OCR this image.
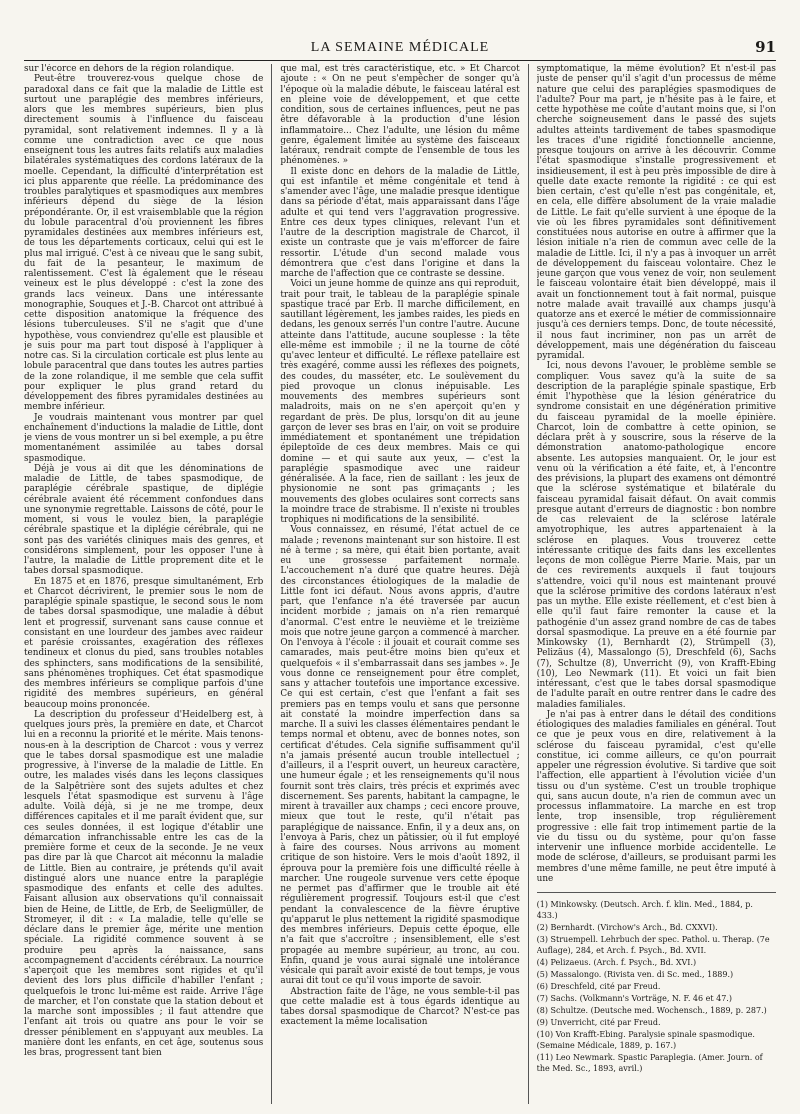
LA SEMAINE MÉDICALE	91

sur l'écorce en dehors de la région rolandique.

Peut-être trouverez-vous quelque chose de paradoxal dans ce fait que la maladie de Little est surtout une paraplégie des membres inférieurs, alors que les membres supérieurs, bien plus directement soumis à l'influence du faisceau pyramidal, sont relativement indemnes. Il y a là comme une contradiction avec ce que nous enseignent tous les autres faits relatifs aux maladies bilatérales systématiques des cordons latéraux de la moelle. Cependant, la difficulté d'interprétation est ici plus apparente que réelle. La prédominance des troubles paralytiques et spasmodiques aux membres inférieurs dépend du siège de la lésion prépondérante. Or, il est vraisemblable que la région du lobule paracentral d'où proviennent les fibres pyramidales destinées aux membres inférieurs est, de tous les départements corticaux, celui qui est le plus mal irrigué. C'est à ce niveau que le sang subit, du fait de la pesanteur, le maximum de ralentissement. C'est là également que le réseau veineux est le plus développé : c'est la zone des grands lacs veineux. Dans une intéressante monographie, Souques et J.-B. Charcot ont attribué à cette disposition anatomique la fréquence des lésions tuberculeuses. S'il ne s'agit que d'une hypothèse, vous conviendrez qu'elle est plausible et je suis pour ma part tout disposé à l'appliquer à notre cas. Si la circulation corticale est plus lente au lobule paracentral que dans toutes les autres parties de la zone rolandique, il me semble que cela suffit pour expliquer le plus grand retard du développement des fibres pyramidales destinées au membre inférieur.

Je voudrais maintenant vous montrer par quel enchaînement d'inductions la maladie de Little, dont je viens de vous montrer un si bel exemple, a pu être momentanément assimilée au tabes dorsal spasmodique.

Déjà je vous ai dit que les dénominations de maladie de Little, de tabes spasmodique, de paraplégie cérébrale spastique, de diplégie cérébrale avaient été récemment confondues dans une synonymie regrettable. Laissons de côté, pour le moment, si vous le voulez bien, la paraplégie cérébrale spastique et la diplégie cérébrale, qui ne sont pas des variétés cliniques mais des genres, et considérons simplement, pour les opposer l'une à l'autre, la maladie de Little proprement dite et le tabes dorsal spasmodique.

En 1875 et en 1876, presque simultanément, Erb et Charcot décrivirent, le premier sous le nom de paraplégie spinale spastique, le second sous le nom de tabes dorsal spasmodique, une maladie à début lent et progressif, survenant sans cause connue et consistant en une lourdeur des jambes avec raideur et parésie croissantes, exagération des réflexes tendineux et clonus du pied, sans troubles notables des sphincters, sans modifications de la sensibilité, sans phénomènes trophiques. Cet état spasmodique des membres inférieurs se complique parfois d'une rigidité des membres supérieurs, en général beaucoup moins prononcée.

La description du professeur d'Heidelberg est, à quelques jours près, la première en date, et Charcot lui en a reconnu la priorité et le mérite. Mais tenons-nous-en à la description de Charcot : vous y verrez que le tabes dorsal spasmodique est une maladie progressive, à l'inverse de la maladie de Little. En outre, les malades visés dans les leçons classiques de la Salpêtrière sont des sujets adultes et chez lesquels l'état spasmodique est survenu à l'âge adulte. Voilà déjà, si je ne me trompe, deux différences capitales et il me paraît évident que, sur ces seules données, il est logique d'établir une démarcation infranchissable entre les cas de la première forme et ceux de la seconde. Je ne veux pas dire par là que Charcot ait méconnu la maladie de Little. Bien au contraire, je prétends qu'il avait distingué alors une nuance entre la paraplégie spasmodique des enfants et celle des adultes. Faisant allusion aux observations qu'il connaissait bien de Heine, de Little, de Erb, de Seeligmüller, de Stromeyer, il dit : « La maladie, telle qu'elle se déclare dans le premier âge, mérite une mention spéciale. La rigidité commence souvent à se produire peu après la naissance, sans accompagnement d'accidents cérébraux. La nourrice s'aperçoit que les membres sont rigides et qu'il devient des lors plus difficile d'habiller l'enfant ; quelquefois le tronc lui-même est raide. Arrive l'âge de marcher, et l'on constate que la station debout et la marche sont impossibles ; il faut attendre que l'enfant ait trois ou quatre ans pour le voir se dresser péniblement en s'appuyant aux meubles. La manière dont les enfants, en cet âge, soutenus sous les bras, progressent tant bien

que mal, est très caractéristique, etc. » Et Charcot ajoute : « On ne peut s'empêcher de songer qu'à l'époque où la maladie débute, le faisceau latéral est en pleine voie de développement, et que cette condition, sous de certaines influences, peut ne pas être défavorable à la production d'une lésion inflammatoire... Chez l'adulte, une lésion du même genre, également limitée au système des faisceaux latéraux, rendrait compte de l'ensemble de tous les phénomènes. »

Il existe donc en dehors de la maladie de Little, qui est infantile et même congénitale et tend à s'amender avec l'âge, une maladie presque identique dans sa période d'état, mais apparaissant dans l'âge adulte et qui tend vers l'aggravation progressive. Entre ces deux types cliniques, relevant l'un et l'autre de la description magistrale de Charcot, il existe un contraste que je vais m'efforcer de faire ressortir. L'étude d'un second malade vous démontrera que c'est dans l'origine et dans la marche de l'affection que ce contraste se dessine.

Voici un jeune homme de quinze ans qui reproduit, trait pour trait, le tableau de la paraplégie spinale spastique tracé par Erb. Il marche difficilement, en sautillant légèrement, les jambes raides, les pieds en dedans, les genoux serrés l'un contre l'autre. Aucune atteinte dans l'attitude, aucune souplesse : la tête elle-même est immobile ; il ne la tourne de côté qu'avec lenteur et difficulté. Le réflexe patellaire est très exagéré, comme aussi les réflexes des poignets, des coudes, du masséter, etc. Le soulèvement du pied provoque un clonus inépuisable. Les mouvements des membres supérieurs sont maladroits, mais on ne s'en aperçoit qu'en y regardant de près. De plus, lorsqu'on dit au jeune garçon de lever ses bras en l'air, on voit se produire immédiatement et spontanément une trépidation épileptoïde de ces deux membres. Mais ce qui domine — et qui saute aux yeux, — c'est la paraplégie spasmodique avec une raideur généralisée. A la face, rien de saillant : les jeux de physionomie ne sont pas grimaçants ; les mouvements des globes oculaires sont corrects sans la moindre trace de strabisme. Il n'existe ni troubles trophiques ni modifications de la sensibilité.

Vous connaissez, en résumé, l'état actuel de ce malade ; revenons maintenant sur son histoire. Il est né à terme ; sa mère, qui était bien portante, avait eu une grossesse parfaitement normale. L'accouchement n'a duré que quatre heures. Déjà des circonstances étiologiques de la maladie de Little font ici défaut. Nous avons appris, d'autre part, que l'enfance n'a été traversée par aucun incident morbide ; jamais on n'a rien remarqué d'anormal. C'est entre le neuvième et le treizième mois que notre jeune garçon a commencé à marcher. On l'envoya à l'école : il jouait et courait comme ses camarades, mais peut-être moins bien qu'eux et quelquefois « il s'embarrassait dans ses jambes ». Je vous donne ce renseignement pour être complet, sans y attacher toutefois une importance excessive. Ce qui est certain, c'est que l'enfant a fait ses premiers pas en temps voulu et sans que personne ait constaté la moindre imperfection dans sa marche. Il a suivi les classes élémentaires pendant le temps normal et obtenu, avec de bonnes notes, son certificat d'études. Cela signifie suffisamment qu'il n'a jamais présenté aucun trouble intellectuel ; d'ailleurs, il a l'esprit ouvert, un heureux caractère, une humeur égale ; et les renseignements qu'il nous fournit sont très clairs, très précis et exprimés avec discernement. Ses parents, habitant la campagne, le mirent à travailler aux champs ; ceci encore prouve, mieux que tout le reste, qu'il n'était pas paraplégique de naissance. Enfin, il y a deux ans, on l'envoya à Paris, chez un pâtissier, où il fut employé à faire des courses. Nous arrivons au moment critique de son histoire. Vers le mois d'août 1892, il éprouva pour la première fois une difficulté réelle à marcher. Une rougeole survenue vers cette époque ne permet pas d'affirmer que le trouble ait été régulièrement progressif. Toujours est-il que c'est pendant la convalescence de la fièvre éruptive qu'apparut le plus nettement la rigidité spasmodique des membres inférieurs. Depuis cette époque, elle n'a fait que s'accroître ; insensiblement, elle s'est propagée au membre supérieur, au tronc, au cou. Enfin, quand je vous aurai signalé une intolérance vésicale qui paraît avoir existé de tout temps, je vous aurai dit tout ce qu'il vous importe de savoir.

Abstraction faite de l'âge, ne vous semble-t-il pas que cette maladie est à tous égards identique au tabes dorsal spasmodique de Charcot? N'est-ce pas exactement la même localisation

symptomatique, la même évolution? Et n'est-il pas juste de penser qu'il s'agit d'un processus de même nature que celui des paraplégies spasmodiques de l'adulte? Pour ma part, je n'hésite pas à le faire, et cette hypothèse me coûte d'autant moins que, si l'on cherche soigneusement dans le passé des sujets adultes atteints tardivement de tabes spasmodique les traces d'une rigidité fonctionnelle ancienne, presque toujours on arrive à les découvrir. Comme l'état spasmodique s'installe progressivement et insidieusement, il est à peu près impossible de dire à quelle date exacte remonte la rigidité : ce qui est bien certain, c'est qu'elle n'est pas congénitale, et, en cela, elle diffère absolument de la vraie maladie de Little. Le fait qu'elle survient à une époque de la vie où les fibres pyramidales sont définitivement constituées nous autorise en outre à affirmer que la lésion initiale n'a rien de commun avec celle de la maladie de Little. Ici, il n'y a pas à invoquer un arrêt de développement du faisceau volontaire. Chez le jeune garçon que vous venez de voir, non seulement le faisceau volontaire était bien développé, mais il avait un fonctionnement tout à fait normal, puisque notre malade avait travaillé aux champs jusqu'à quatorze ans et exercé le métier de commissionnaire jusqu'à ces derniers temps. Donc, de toute nécessité, il nous faut incriminer, non pas un arrêt de développement, mais une dégénération du faisceau pyramidal.

Ici, nous devons l'avouer, le problème semble se compliquer. Vous savez qu'à la suite de sa description de la paraplégie spinale spastique, Erb émit l'hypothèse que la lésion génératrice du syndrome consistait en une dégénération primitive du faisceau pyramidal de la moelle épinière. Charcot, loin de combattre à cette opinion, se déclara prêt à y souscrire, sous la réserve de la démonstration anatomo-pathologique encore absente. Les autopsies manquaient. Or, le jour est venu où la vérification a été faite, et, à l'encontre des prévisions, la plupart des examens ont démontré que la sclérose systématique et bilatérale du faisceau pyramidal faisait défaut. On avait commis presque autant d'erreurs de diagnostic : bon nombre de cas relevaient de la sclérose latérale amyotrophique, les autres appartenaient à la sclérose en plaques. Vous trouverez cette intéressante critique des faits dans les excellentes leçons de mon collègue Pierre Marie. Mais, par un de ces revirements auxquels il faut toujours s'attendre, voici qu'il nous est maintenant prouvé que la sclérose primitive des cordons latéraux n'est pas un mythe. Elle existe réellement, et c'est bien à elle qu'il faut faire remonter la cause et la pathogénie d'un assez grand nombre de cas de tabes dorsal spasmodique. La preuve en a été fournie par Minkowsky (1), Bernhardt (2), Strümpell (3), Pelizäus (4), Massalongo (5), Dreschfeld (6), Sachs (7), Schultze (8), Unverricht (9), von Krafft-Ebing (10), Leo Newmark (11). Et voici un fait bien intéressant, c'est que le tabes dorsal spasmodique de l'adulte paraît en outre rentrer dans le cadre des maladies familiales.

Je n'ai pas à entrer dans le détail des conditions étiologiques des maladies familiales en général. Tout ce que je peux vous en dire, relativement à la sclérose du faisceau pyramidal, c'est qu'elle constitue, ici comme ailleurs, ce qu'on pourrait appeler une régression évolutive. Si tardive que soit l'affection, elle appartient à l'évolution viciée d'un tissu ou d'un système. C'est un trouble trophique qui, sans aucun doute, n'a rien de commun avec un processus inflammatoire. La marche en est trop lente, trop insensible, trop régulièrement progressive : elle fait trop intimement partie de la vie du tissu ou du système, pour qu'on fasse intervenir une influence morbide accidentelle. Le mode de sclérose, d'ailleurs, se produisant parmi les membres d'une même famille, ne peut être imputé à une

(1) Minkowsky. (Deutsch. Arch. f. klin. Med., 1884, p. 433.)

(2) Bernhardt. (Virchow's Arch., Bd. CXXVI).

(3) Struempell. Lehrbuch der spec. Pathol. u. Therap. (7e Auflage), 284, et Arch. f. Psych., Bd. XVII.

(4) Pelizaeus. (Arch. f. Psych., Bd. XVI.)

(5) Massalongo. (Rivista ven. di Sc. med., 1889.)

(6) Dreschfeld, cité par Freud.

(7) Sachs. (Volkmann's Vorträge, N. F. 46 et 47.)

(8) Schultze. (Deutsche med. Wochensch., 1889, p. 287.)

(9) Unverricht, cité par Freud.

(10) Von Krafft-Ebing. Paralysie spinale spasmodique. (Semaine Médicale, 1889, p. 167.)

(11) Leo Newmark. Spastic Paraplegia. (Amer. Journ. of the Med. Sc., 1893, avril.)
